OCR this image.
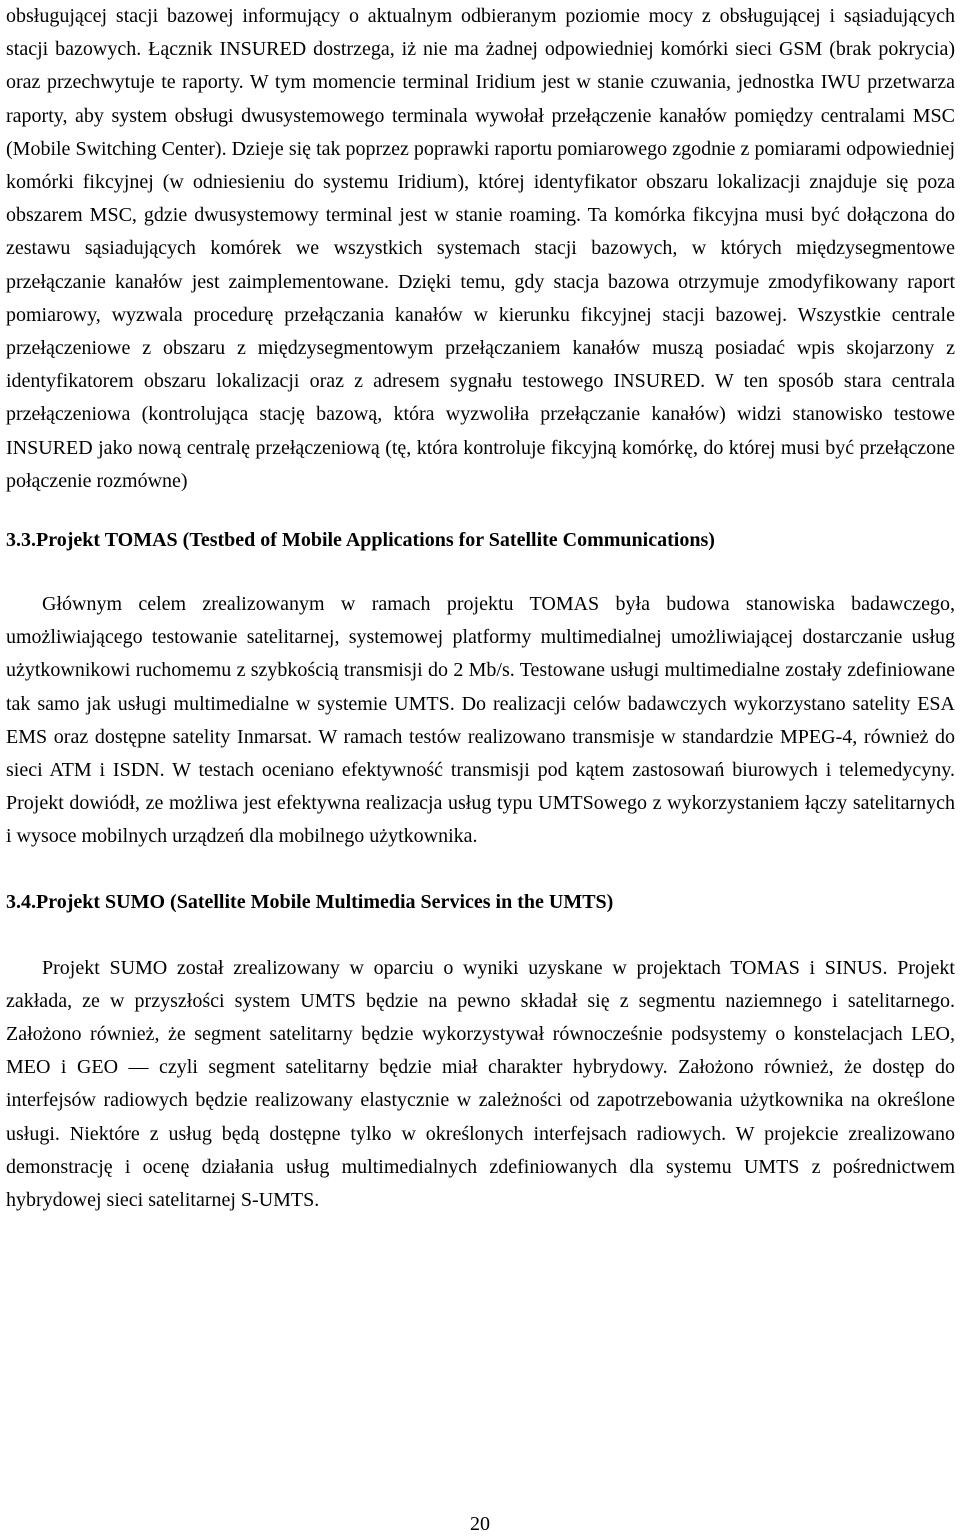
obsługującej stacji bazowej informujący o aktualnym odbieranym poziomie mocy z obsługującej i sąsiadujących stacji bazowych. Łącznik INSURED dostrzega, iż nie ma żadnej odpowiedniej komórki sieci GSM (brak pokrycia) oraz przechwytuje te raporty. W tym momencie terminal Iridium jest w stanie czuwania, jednostka IWU przetwarza raporty, aby system obsługi dwusystemowego terminala wywołał przełączenie kanałów pomiędzy centralami MSC (Mobile Switching Center). Dzieje się tak poprzez poprawki raportu pomiarowego zgodnie z pomiarami odpowiedniej komórki fikcyjnej (w odniesieniu do systemu Iridium), której identyfikator obszaru lokalizacji znajduje się poza obszarem MSC, gdzie dwusystemowy terminal jest w stanie roaming. Ta komórka fikcyjna musi być dołączona do zestawu sąsiadujących komórek we wszystkich systemach stacji bazowych, w których międzysegmentowe przełączanie kanałów jest zaimplementowane. Dzięki temu, gdy stacja bazowa otrzymuje zmodyfikowany raport pomiarowy, wyzwala procedurę przełączania kanałów w kierunku fikcyjnej stacji bazowej. Wszystkie centrale przełączeniowe z obszaru z międzysegmentowym przełączaniem kanałów muszą posiadać wpis skojarzony z identyfikatorem obszaru lokalizacji oraz z adresem sygnału testowego INSURED. W ten sposób stara centrala przełączeniowa (kontrolująca stację bazową, która wyzwoliła przełączanie kanałów) widzi stanowisko testowe INSURED jako nową centralę przełączeniową (tę, która kontroluje fikcyjną komórkę, do której musi być przełączone połączenie rozmówne)

3.3.Projekt TOMAS (Testbed of Mobile Applications for Satellite Communications)

Głównym celem zrealizowanym w ramach projektu TOMAS była budowa stanowiska badawczego, umożliwiającego testowanie satelitarnej, systemowej platformy multimedialnej umożliwiającej dostarczanie usług użytkownikowi ruchomemu z szybkością transmisji do 2 Mb/s. Testowane usługi multimedialne zostały zdefiniowane tak samo jak usługi multimedialne w systemie UMTS. Do realizacji celów badawczych wykorzystano satelity ESA EMS oraz dostępne satelity Inmarsat. W ramach testów realizowano transmisje w standardzie MPEG-4, również do sieci ATM i ISDN. W testach oceniano efektywność transmisji pod kątem zastosowań biurowych i telemedycyny. Projekt dowiódł, ze możliwa jest efektywna realizacja usług typu UMTSowego z wykorzystaniem łączy satelitarnych i wysoce mobilnych urządzeń dla mobilnego użytkownika.

3.4.Projekt SUMO (Satellite Mobile Multimedia Services in the UMTS)

Projekt SUMO został zrealizowany w oparciu o wyniki uzyskane w projektach TOMAS i SINUS. Projekt zakłada, ze w przyszłości system UMTS będzie na pewno składał się z segmentu naziemnego i satelitarnego. Założono również, że segment satelitarny będzie wykorzystywał równocześnie podsystemy o konstelacjach LEO, MEO i GEO — czyli segment satelitarny będzie miał charakter hybrydowy. Założono również, że dostęp do interfejsów radiowych będzie realizowany elastycznie w zależności od zapotrzebowania użytkownika na określone usługi. Niektóre z usług będą dostępne tylko w określonych interfejsach radiowych. W projekcie zrealizowano demonstrację i ocenę działania usług multimedialnych zdefiniowanych dla systemu UMTS z pośrednictwem hybrydowej sieci satelitarnej S-UMTS.

20
